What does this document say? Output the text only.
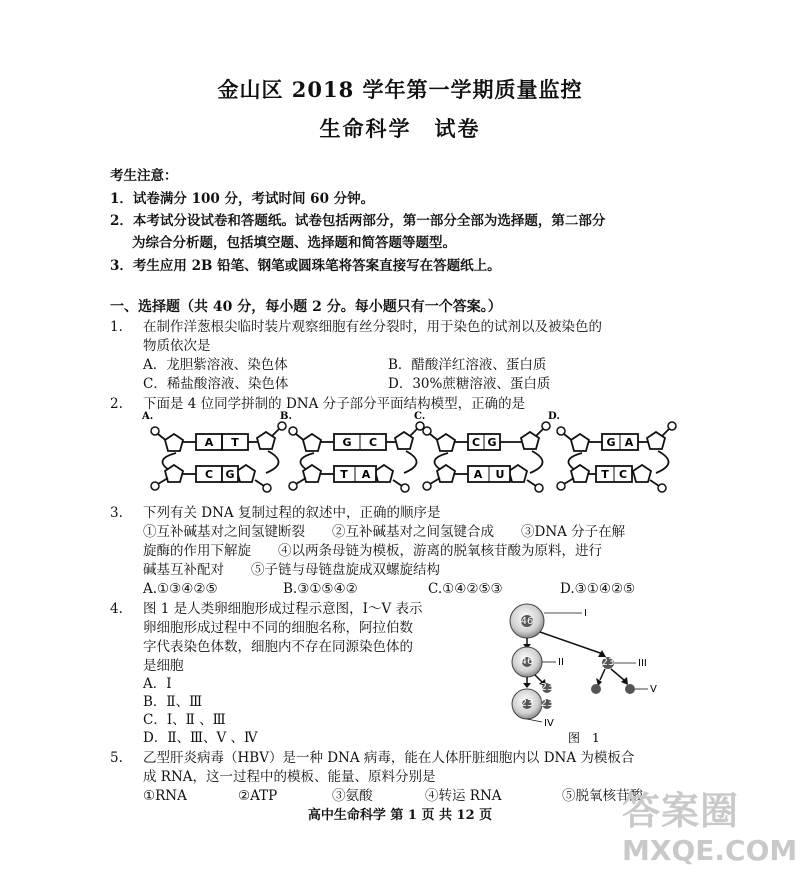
金山区 2018 学年第一学期质量监控
生命科学　试卷
考生注意：
1．试卷满分 100 分，考试时间 60 分钟。
2．本考试分设试卷和答题纸。试卷包括两部分，第一部分全部为选择题，第二部分
为综合分析题，包括填空题、选择题和简答题等题型。
3．考生应用 2B 铅笔、钢笔或圆珠笔将答案直接写在答题纸上。
一、选择题（共 40 分，每小题 2 分。每小题只有一个答案。）
1. 在制作洋葱根尖临时装片观察细胞有丝分裂时，用于染色的试剂以及被染色的
物质依次是
A．龙胆紫溶液、染色体	B．醋酸洋红溶液、蛋白质
C．稀盐酸溶液、染色体	D．30%蔗糖溶液、蛋白质
2. 下面是 4 位同学拼制的 DNA 分子部分平面结构模型，正确的是
A.
A T
C G
B.
G C
T A
C.
C G
A U
D.
G A
T C
3. 下列有关 DNA 复制过程的叙述中，正确的顺序是
①互补碱基对之间氢键断裂　　②互补碱基对之间氢键合成　　③DNA 分子在解
旋酶的作用下解旋　　④以两条母链为模板，游离的脱氧核苷酸为原料，进行
碱基互补配对　　⑤子链与母链盘旋成双螺旋结构
A.①③④②⑤	B.③①⑤④②	C.①④②⑤③	D.③①④②⑤
4. 图 1 是人类卵细胞形成过程示意图，Ⅰ～Ⅴ 表示
卵细胞形成过程中不同的细胞名称，阿拉伯数
字代表染色体数，细胞内不存在同源染色体的
是细胞
A．Ⅰ
B．Ⅱ、Ⅲ
C．Ⅰ、Ⅱ 、Ⅲ
D．Ⅱ、Ⅲ、Ⅴ 、Ⅳ
46
I
46 II	23 III
V
23
23 23
IV
图　1
5. 乙型肝炎病毒（HBV）是一种 DNA 病毒，能在人体肝脏细胞内以 DNA 为模板合
成 RNA，这一过程中的模板、能量、原料分别是
①RNA	②ATP	③氨酸	④转运 RNA	⑤脱氧核苷酸
高中生命科学 第 1 页 共 12 页	答案圈
MXQE.COM
